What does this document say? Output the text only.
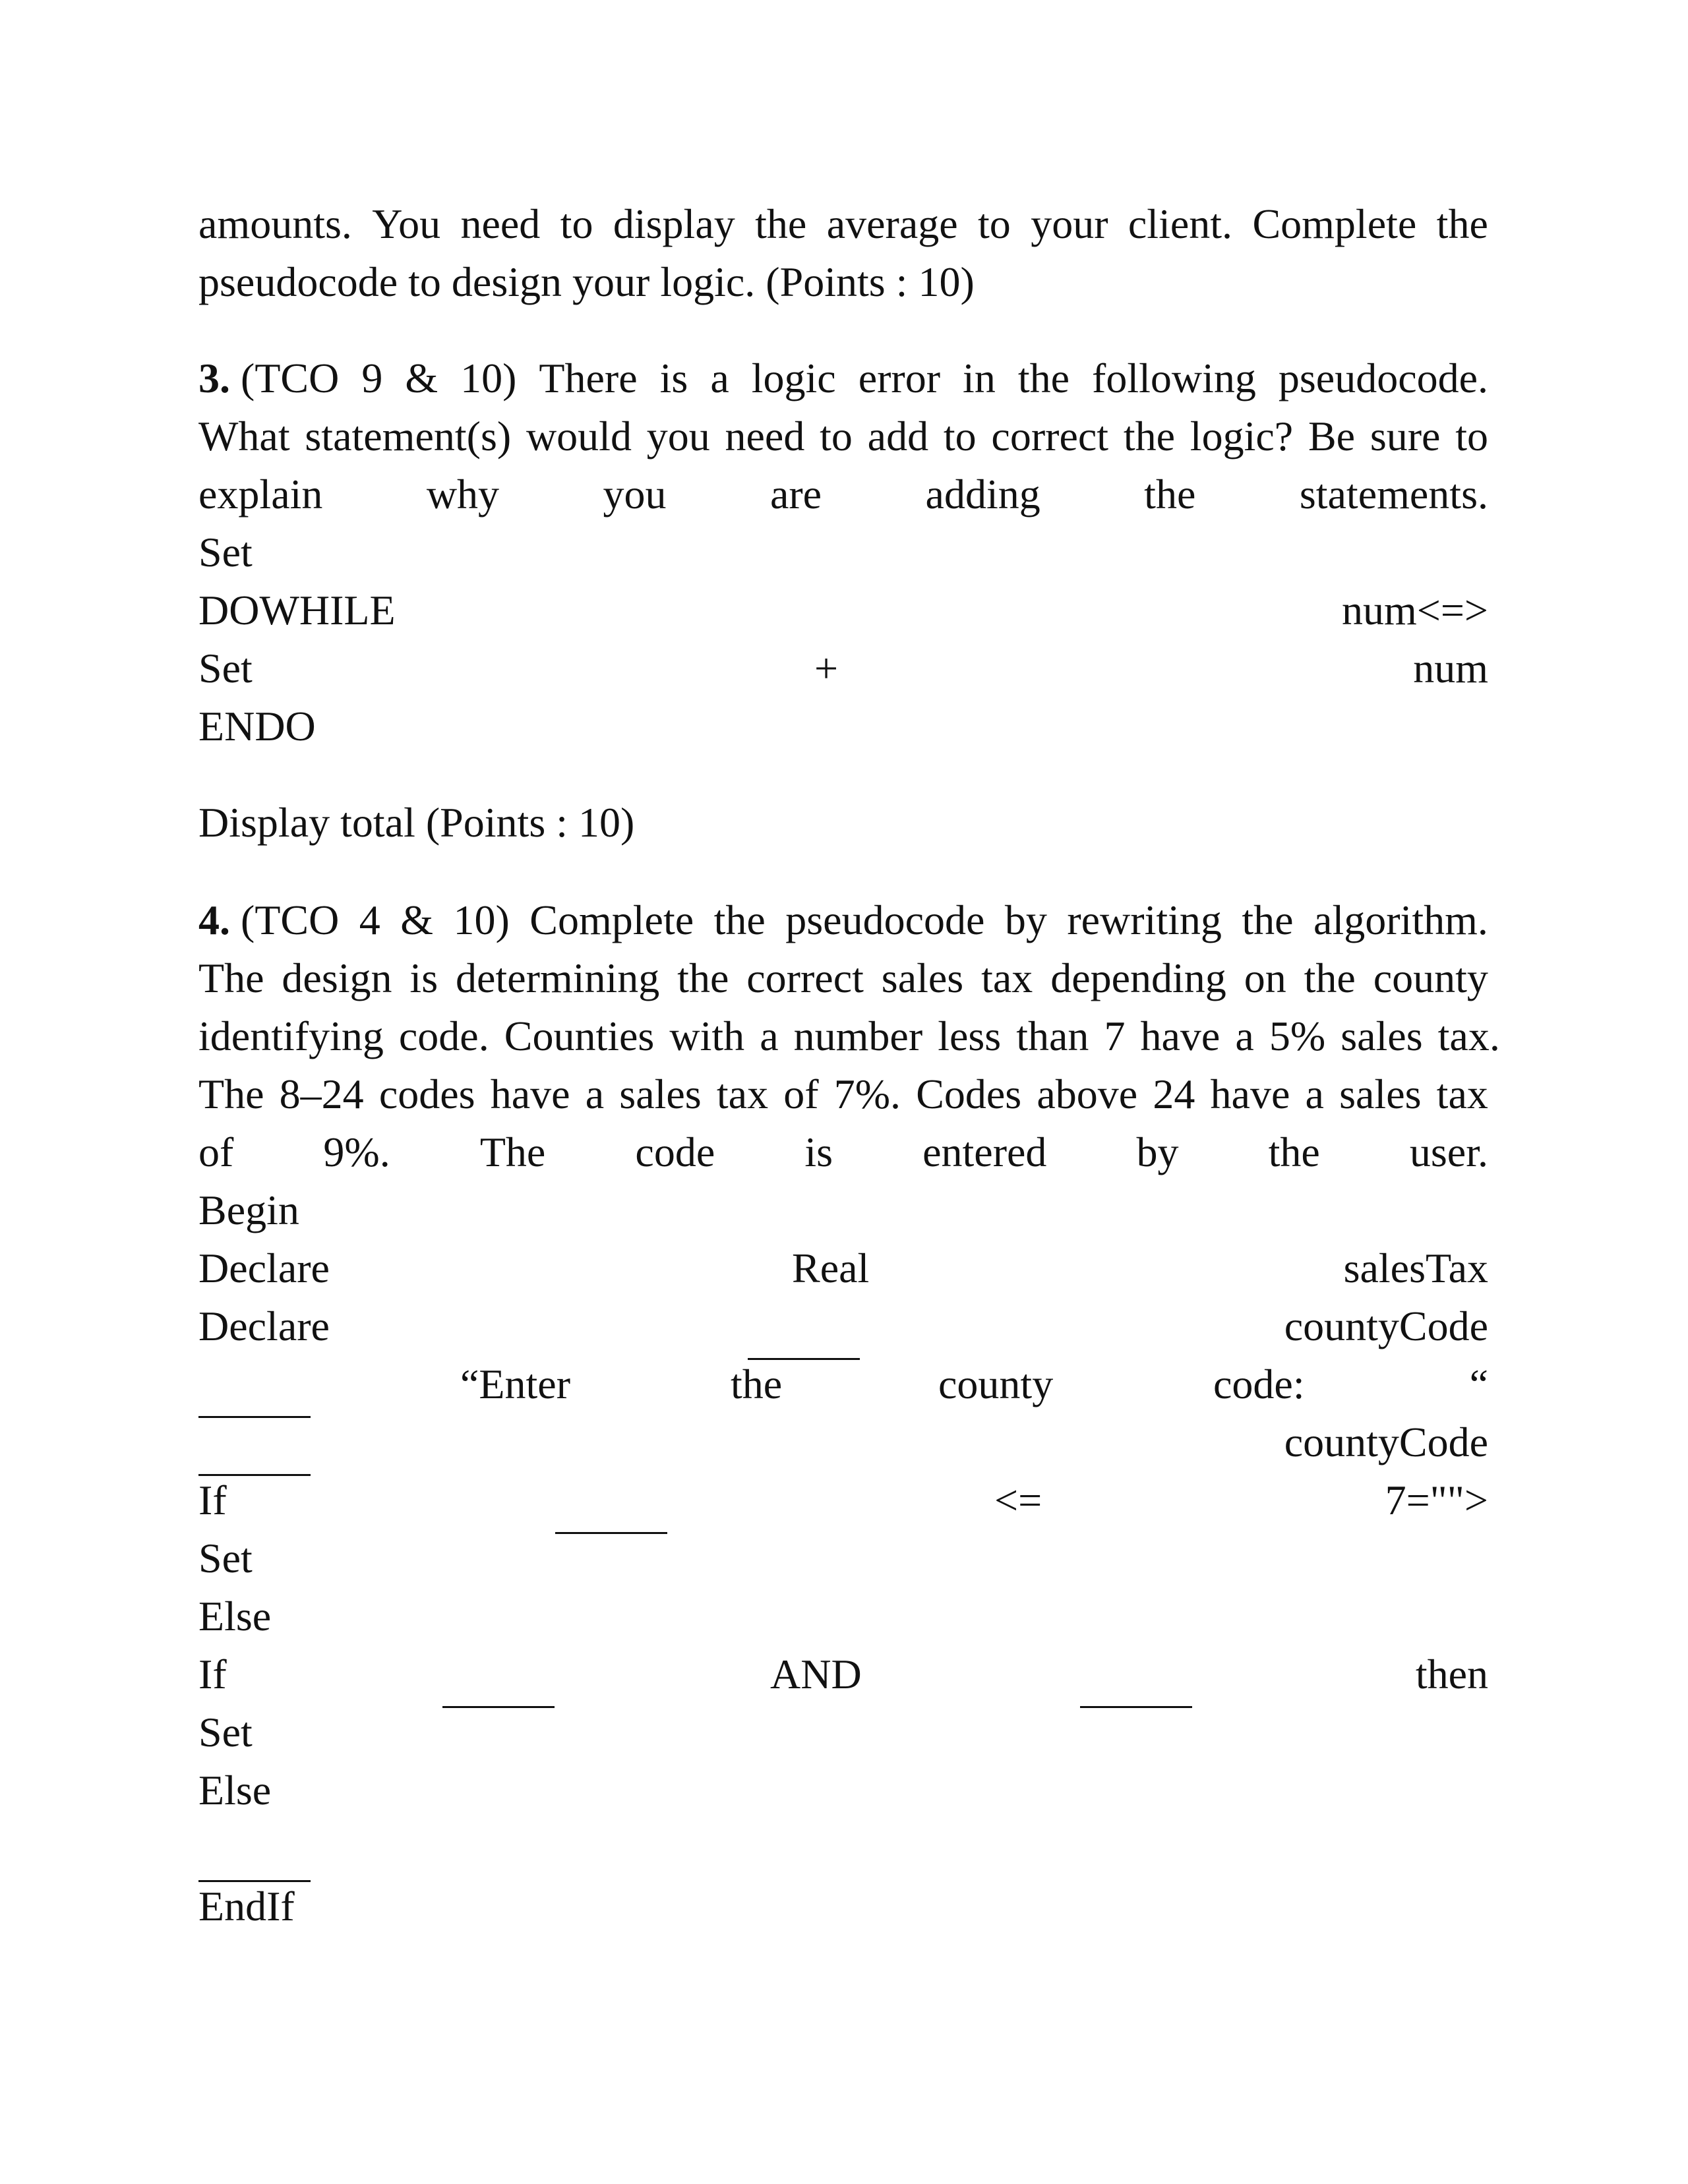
amounts. You need to display the average to your client. Complete the
pseudocode to design your logic. (Points : 10)
3. (TCO 9 & 10) There is a logic error in the following pseudocode.
What statement(s) would you need to add to correct the logic? Be sure to
explain why you are adding the statements.
Set
DOWHILE	num<=>
Set	+	num
ENDO
Display total (Points : 10)
4. (TCO 4 & 10) Complete the pseudocode by rewriting the algorithm.
The design is determining the correct sales tax depending on the county
identifying code. Counties with a number less than 7 have a 5% sales tax.
The 8–24 codes have a sales tax of 7%. Codes above 24 have a sales tax
of 9%. The code is entered by the user.
Begin
Declare	Real	salesTax
Declare	countyCode
“Enter	the	county	code:	“
countyCode
If	<=	7="">
Set
Else
If	AND	then
Set
Else
EndIf
